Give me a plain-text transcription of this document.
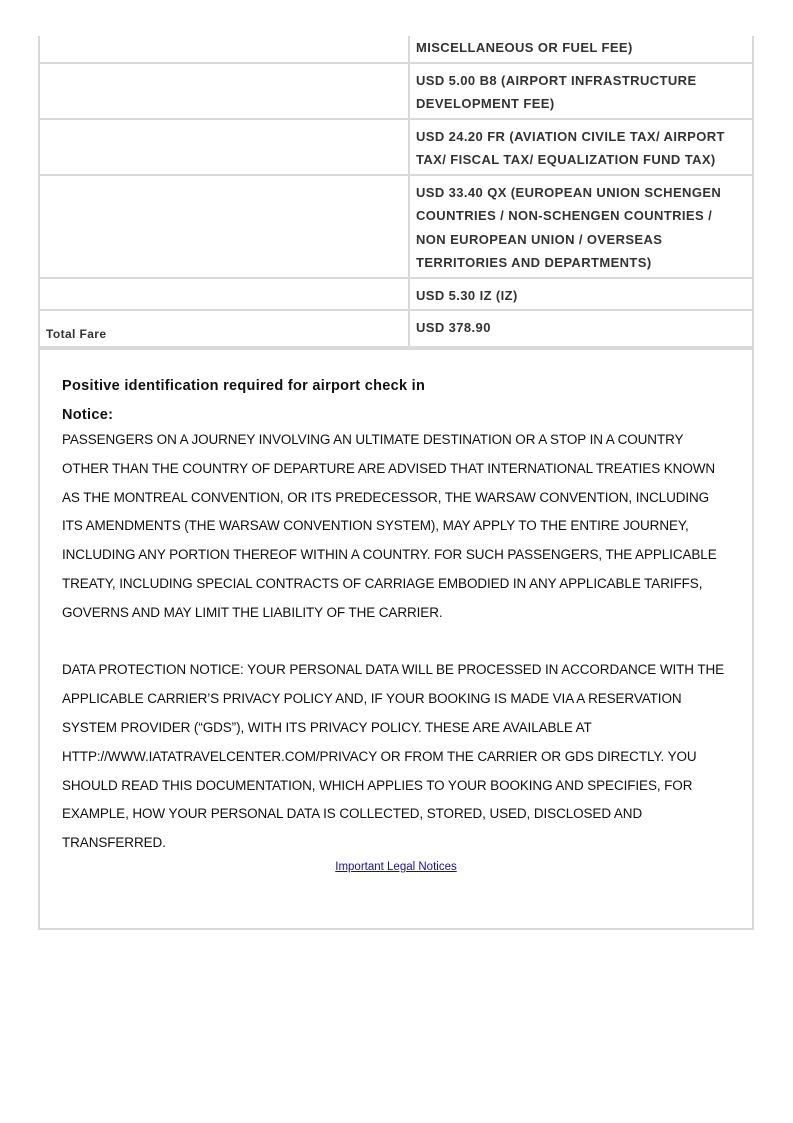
	MISCELLANEOUS OR FUEL FEE)
	USD 5.00 B8 (AIRPORT INFRASTRUCTURE DEVELOPMENT FEE)
	USD 24.20 FR (AVIATION CIVILE TAX/ AIRPORT TAX/ FISCAL TAX/ EQUALIZATION FUND TAX)
	USD 33.40 QX (EUROPEAN UNION SCHENGEN COUNTRIES / NON-SCHENGEN COUNTRIES / NON EUROPEAN UNION / OVERSEAS TERRITORIES AND DEPARTMENTS)
	USD 5.30 IZ (IZ)
Total Fare	USD 378.90

Positive identification required for airport check in

Notice:

PASSENGERS ON A JOURNEY INVOLVING AN ULTIMATE DESTINATION OR A STOP IN A COUNTRY OTHER THAN THE COUNTRY OF DEPARTURE ARE ADVISED THAT INTERNATIONAL TREATIES KNOWN AS THE MONTREAL CONVENTION, OR ITS PREDECESSOR, THE WARSAW CONVENTION, INCLUDING ITS AMENDMENTS (THE WARSAW CONVENTION SYSTEM), MAY APPLY TO THE ENTIRE JOURNEY, INCLUDING ANY PORTION THEREOF WITHIN A COUNTRY. FOR SUCH PASSENGERS, THE APPLICABLE TREATY, INCLUDING SPECIAL CONTRACTS OF CARRIAGE EMBODIED IN ANY APPLICABLE TARIFFS, GOVERNS AND MAY LIMIT THE LIABILITY OF THE CARRIER.

DATA PROTECTION NOTICE: YOUR PERSONAL DATA WILL BE PROCESSED IN ACCORDANCE WITH THE APPLICABLE CARRIER’S PRIVACY POLICY AND, IF YOUR BOOKING IS MADE VIA A RESERVATION SYSTEM PROVIDER (“GDS”), WITH ITS PRIVACY POLICY. THESE ARE AVAILABLE AT HTTP://WWW.IATATRAVELCENTER.COM/PRIVACY OR FROM THE CARRIER OR GDS DIRECTLY. YOU SHOULD READ THIS DOCUMENTATION, WHICH APPLIES TO YOUR BOOKING AND SPECIFIES, FOR EXAMPLE, HOW YOUR PERSONAL DATA IS COLLECTED, STORED, USED, DISCLOSED AND TRANSFERRED.

Important Legal Notices
